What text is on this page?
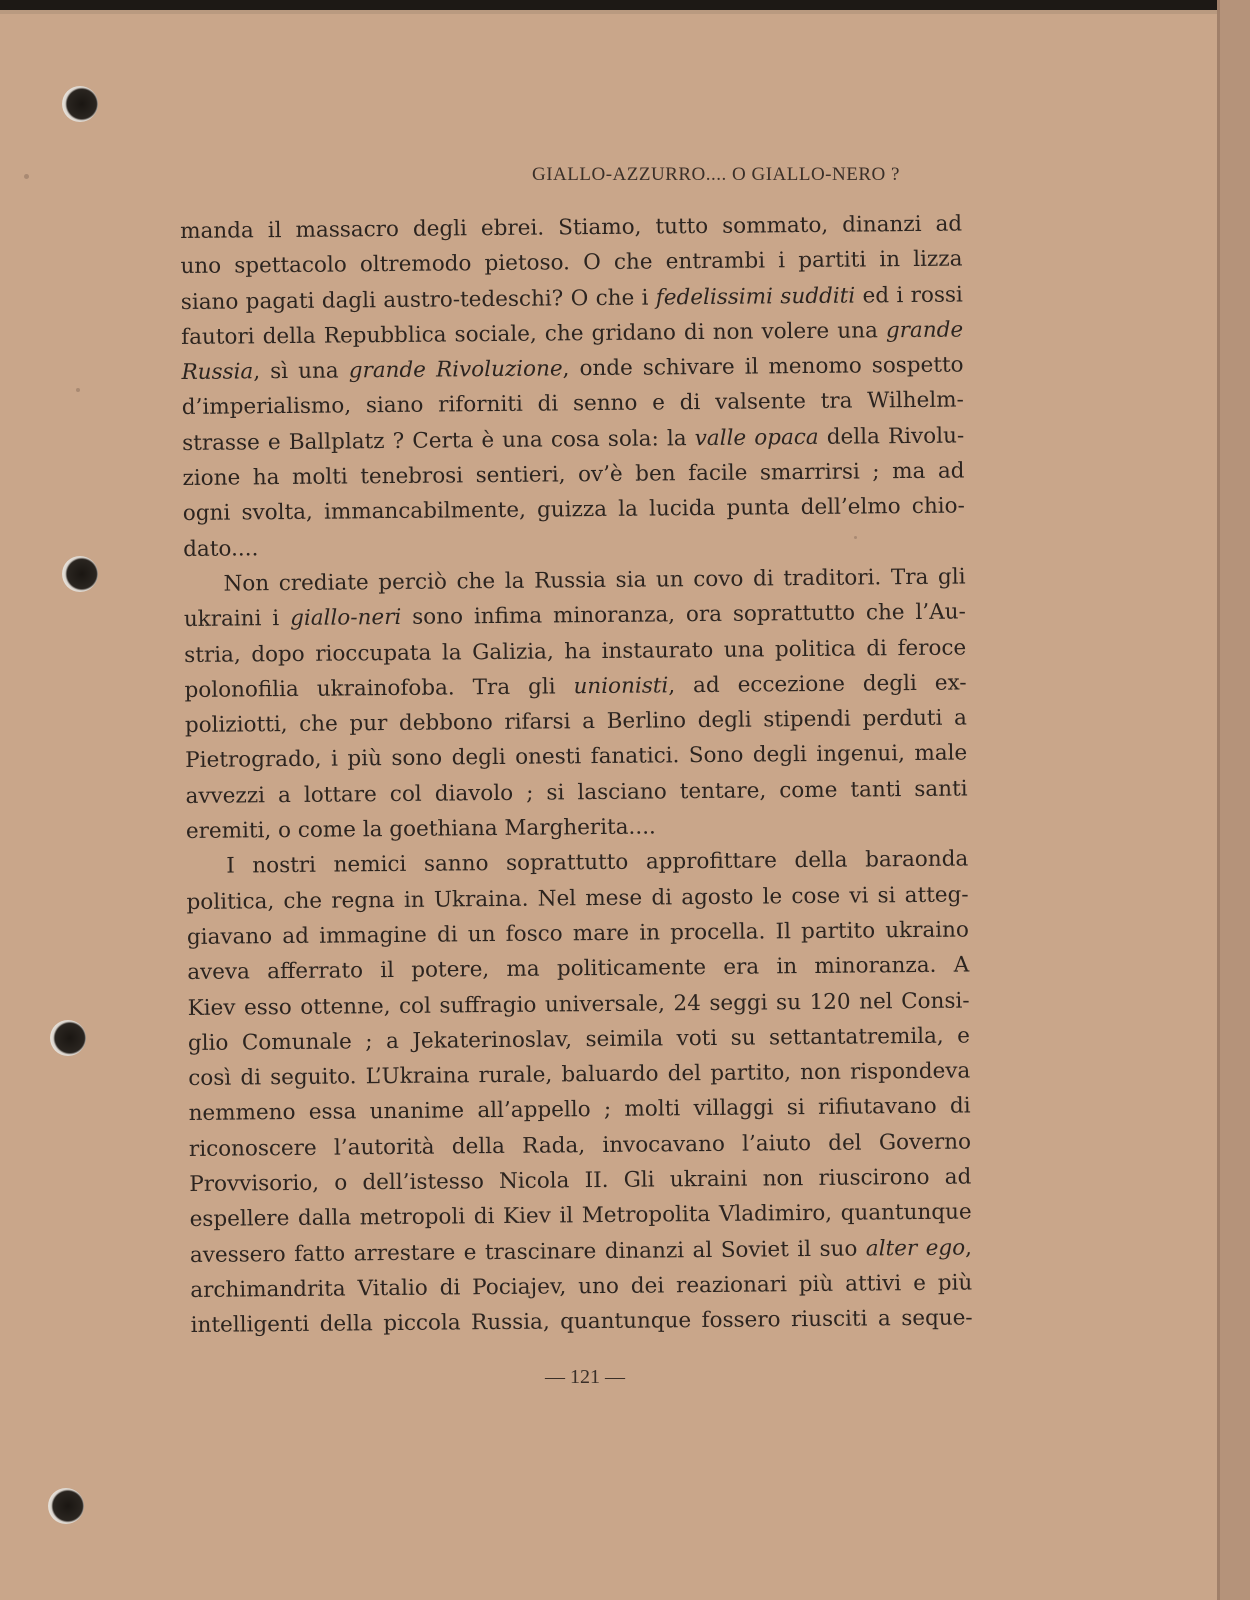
GIALLO-AZZURRO.... O GIALLO-NERO ?
manda il massacro degli ebrei. Stiamo, tutto sommato, dinanzi ad
uno spettacolo oltremodo pietoso. O che entrambi i partiti in lizza
siano pagati dagli austro-tedeschi? O che i fedelissimi sudditi ed i rossi
fautori della Repubblica sociale, che gridano di non volere una grande
Russia, sì una grande Rivoluzione, onde schivare il menomo sospetto
d’imperialismo, siano riforniti di senno e di valsente tra Wilhelm-
strasse e Ballplatz ? Certa è una cosa sola: la valle opaca della Rivolu-
zione ha molti tenebrosi sentieri, ov’è ben facile smarrirsi ; ma ad
ogni svolta, immancabilmente, guizza la lucida punta dell’elmo chio-
dato....
Non crediate perciò che la Russia sia un covo di traditori. Tra gli
ukraini i giallo-neri sono infima minoranza, ora soprattutto che l’Au-
stria, dopo rioccupata la Galizia, ha instaurato una politica di feroce
polonofilia ukrainofoba. Tra gli unionisti, ad eccezione degli ex-
poliziotti, che pur debbono rifarsi a Berlino degli stipendi perduti a
Pietrogrado, i più sono degli onesti fanatici. Sono degli ingenui, male
avvezzi a lottare col diavolo ; si lasciano tentare, come tanti santi
eremiti, o come la goethiana Margherita....
I nostri nemici sanno soprattutto approfittare della baraonda
politica, che regna in Ukraina. Nel mese di agosto le cose vi si atteg-
giavano ad immagine di un fosco mare in procella. Il partito ukraino
aveva afferrato il potere, ma politicamente era in minoranza. A
Kiev esso ottenne, col suffragio universale, 24 seggi su 120 nel Consi-
glio Comunale ; a Jekaterinoslav, seimila voti su settantatremila, e
così di seguito. L’Ukraina rurale, baluardo del partito, non rispondeva
nemmeno essa unanime all’appello ; molti villaggi si rifiutavano di
riconoscere l’autorità della Rada, invocavano l’aiuto del Governo
Provvisorio, o dell’istesso Nicola II. Gli ukraini non riuscirono ad
espellere dalla metropoli di Kiev il Metropolita Vladimiro, quantunque
avessero fatto arrestare e trascinare dinanzi al Soviet il suo alter ego,
archimandrita Vitalio di Pociajev, uno dei reazionari più attivi e più
intelligenti della piccola Russia, quantunque fossero riusciti a seque-
— 121 —
